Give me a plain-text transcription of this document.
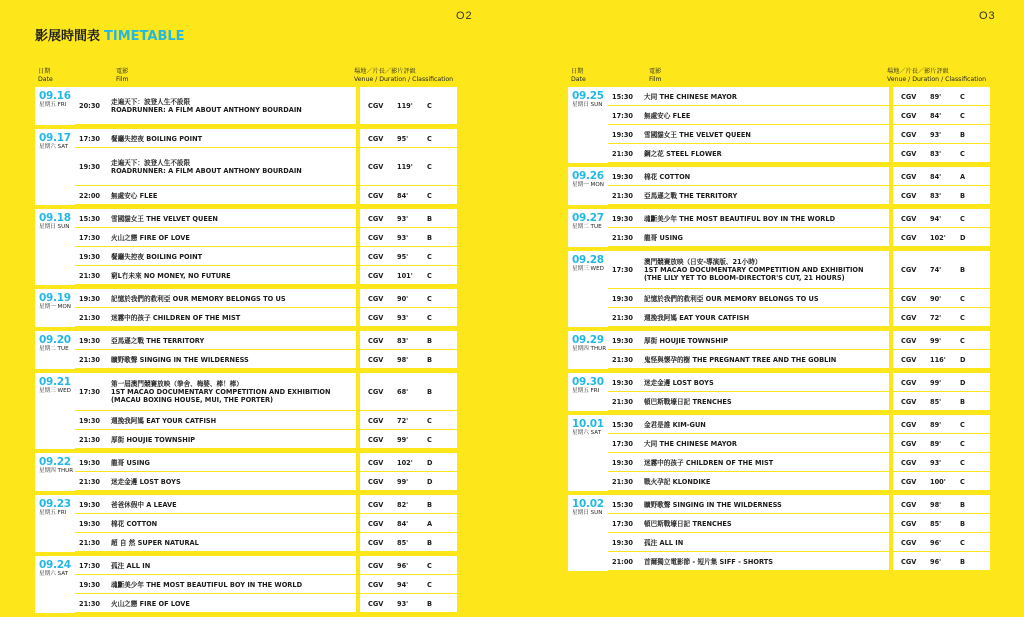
O2
影展時間表 TIMETABLE
日期
Date
電影
Film
場地／片長／影片評級
Venue / Duration / Classification
09.16
星期五 FRI	20:30	走遍天下：波登人生不設限
ROADRUNNER: A FILM ABOUT ANTHONY BOURDAIN	CGV	119'	C
09.17
星期六 SAT
17:30	餐廳失控夜 BOILING POINT	CGV	95'	C
19:30	走遍天下：波登人生不設限
ROADRUNNER: A FILM ABOUT ANTHONY BOURDAIN	CGV	119'	C
22:00	無處安心 FLEE	CGV	84'	C
09.18
星期日 SUN
15:30	雪國貓女王 THE VELVET QUEEN	CGV	93'	B
17:30	火山之戀 FIRE OF LOVE	CGV	93'	B
19:30	餐廳失控夜 BOILING POINT	CGV	95'	C
21:30	窮L冇未來 NO MONEY, NO FUTURE	CGV	101'	C
09.19
星期一 MON
19:30	記憶於我們的救利亞 OUR MEMORY BELONGS TO US	CGV	90'	C
21:30	迷霧中的孩子 CHILDREN OF THE MIST	CGV	93'	C
09.20
星期二 TUE
19:30	亞馬遜之戰 THE TERRITORY	CGV	83'	B
21:30	曠野歌聲 SINGING IN THE WILDERNESS	CGV	98'	B
09.21
星期三 WED	17:30
第一屆澳門競賽放映（拳舍、梅婆、棒！棒）
1ST MACAO DOCUMENTARY COMPETITION AND EXHIBITION
(MACAU BOXING HOUSE, MUI, THE PORTER)
CGV	68'	B
19:30	週挽我阿媽 EAT YOUR CATFISH	CGV	72'	C
21:30	厚街 HOUJIE TOWNSHIP	CGV	99'	C
09.22
星期四 THUR
19:30	龍哥 USING	CGV	102'	D
21:30	迷走金邊 LOST BOYS	CGV	99'	D
09.23
星期五 FRI
19:30	爸爸休假中 A LEAVE	CGV	82'	B
19:30	棉花 COTTON	CGV	84'	A
21:30	超 自 然 SUPER NATURAL	CGV	85'	B
09.24
星期六 SAT
17:30	孤注 ALL IN	CGV	96'	C
19:30	魂斷美少年 THE MOST BEAUTIFUL BOY IN THE WORLD	CGV	94'	C
21:30	火山之戀 FIRE OF LOVE	CGV	93'	B
O3
日期
Date
電影
Film
場地／片長／影片評級
Venue / Duration / Classification
09.25
星期日 SUN
15:30	大同 THE CHINESE MAYOR	CGV	89'	C
17:30	無處安心 FLEE	CGV	84'	C
19:30	雪國貓女王 THE VELVET QUEEN	CGV	93'	B
21:30	鋼之花 STEEL FLOWER	CGV	83'	C
09.26
星期一 MON
19:30	棉花 COTTON	CGV	84'	A
21:30	亞馬遜之戰 THE TERRITORY	CGV	83'	B
09.27
星期二 TUE
19:30	魂斷美少年 THE MOST BEAUTIFUL BOY IN THE WORLD	CGV	94'	C
21:30	龍哥 USING	CGV	102'	D
09.28
星期三 WED	17:30
澳門競賽放映（日安-導演版、21小時）
1ST MACAO DOCUMENTARY COMPETITION AND EXHIBITION
(THE LILY YET TO BLOOM-DIRECTOR'S CUT, 21 HOURS)
CGV	74'	B
19:30	記憶於我們的救利亞 OUR MEMORY BELONGS TO US	CGV	90'	C
21:30	週挽我阿媽 EAT YOUR CATFISH	CGV	72'	C
09.29
星期四 THUR
19:30	厚街 HOUJIE TOWNSHIP	CGV	99'	C
21:30	鬼怪與懷孕的樹 THE PREGNANT TREE AND THE GOBLIN	CGV	116'	D
09.30
星期五 FRI
19:30	迷走金邊 LOST BOYS	CGV	99'	D
21:30	頓巴斯戰壕日記 TRENCHES	CGV	85'	B
10.01
星期六 SAT
15:30	金君是誰 KIM-GUN	CGV	89'	C
17:30	大同 THE CHINESE MAYOR	CGV	89'	C
19:30	迷霧中的孩子 CHILDREN OF THE MIST	CGV	93'	C
21:30	戰火孕記 KLONDIKE	CGV	100'	C
10.02
星期日 SUN
15:30	曠野歌聲 SINGING IN THE WILDERNESS	CGV	98'	B
17:30	頓巴斯戰壕日記 TRENCHES	CGV	85'	B
19:30	孤注 ALL IN	CGV	96'	C
21:00	首爾獨立電影節 - 短片集 SIFF - SHORTS	CGV	96'	B
